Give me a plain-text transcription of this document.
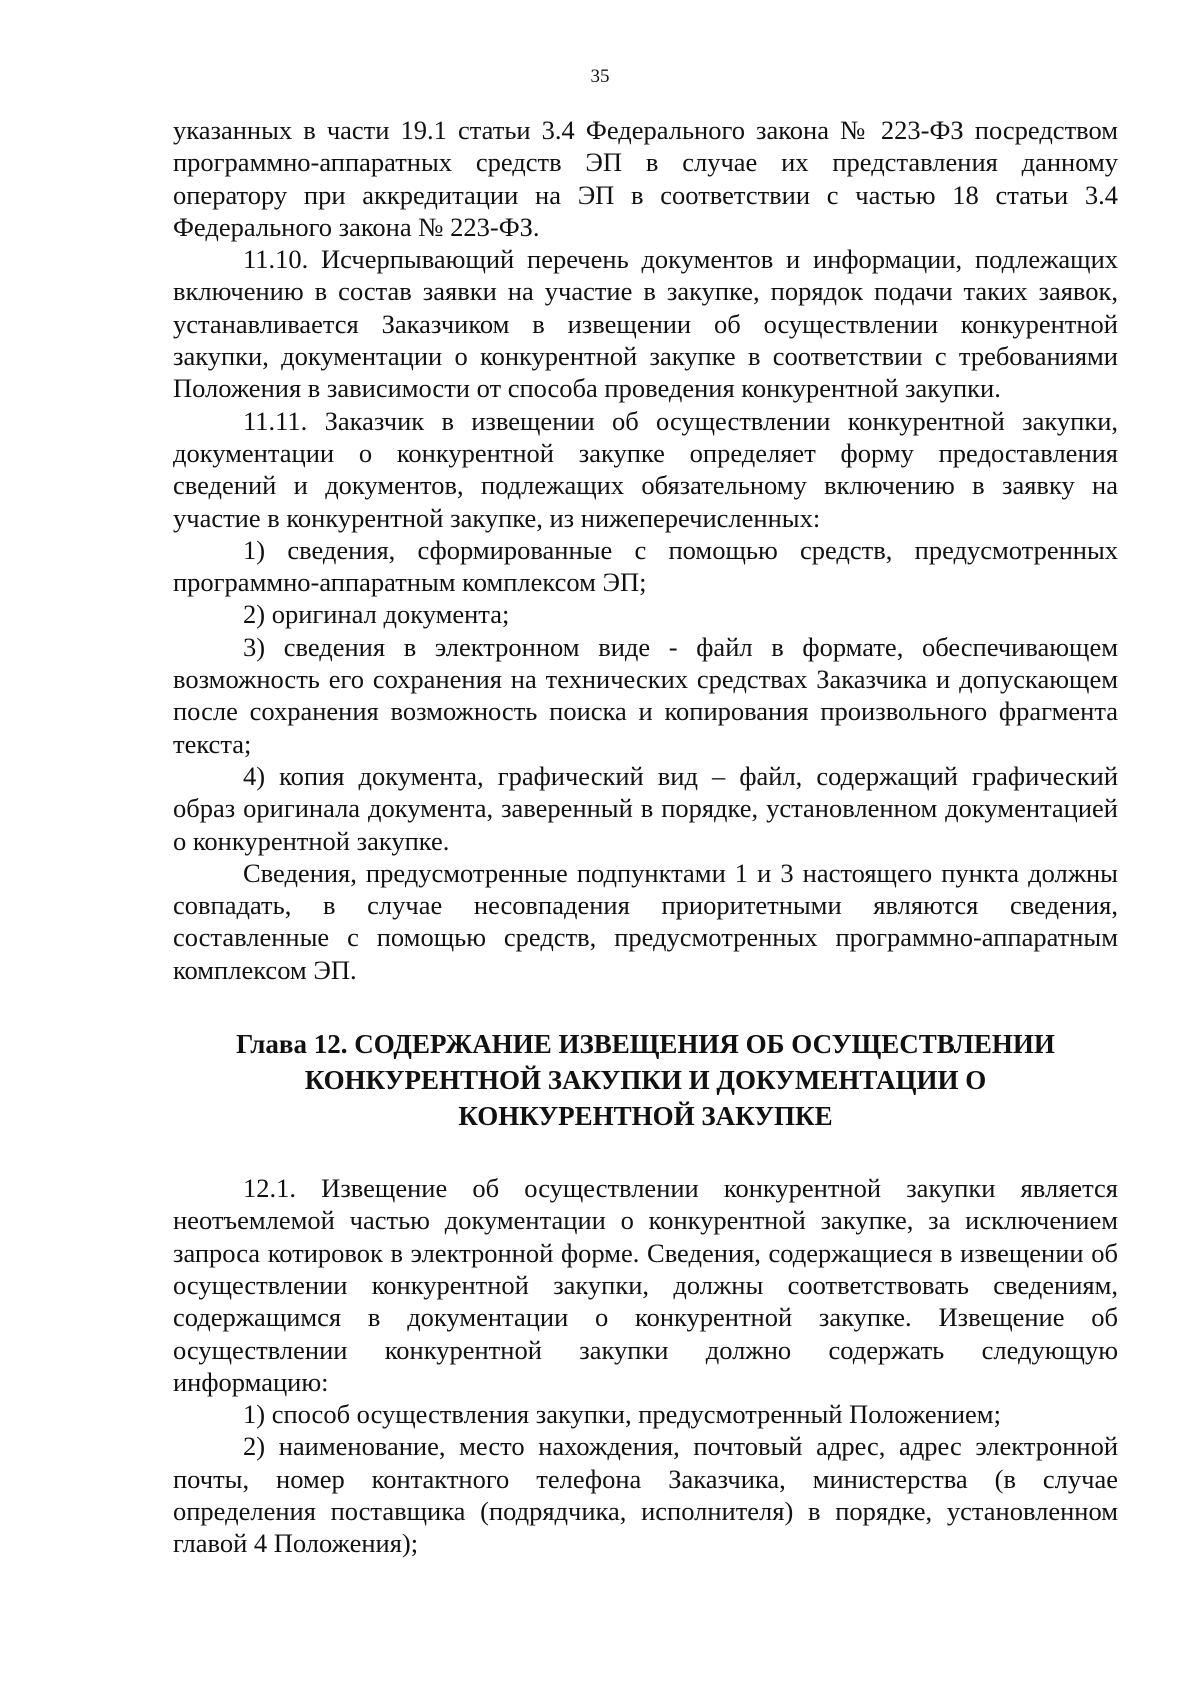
35

указанных в части 19.1 статьи 3.4 Федерального закона № 223-ФЗ посредством программно-аппаратных средств ЭП в случае их представления данному оператору при аккредитации на ЭП в соответствии с частью 18 статьи 3.4 Федерального закона № 223-ФЗ.

11.10. Исчерпывающий перечень документов и информации, подлежащих включению в состав заявки на участие в закупке, порядок подачи таких заявок, устанавливается Заказчиком в извещении об осуществлении конкурентной закупки, документации о конкурентной закупке в соответствии с требованиями Положения в зависимости от способа проведения конкурентной закупки.

11.11. Заказчик в извещении об осуществлении конкурентной закупки, документации о конкурентной закупке определяет форму предоставления сведений и документов, подлежащих обязательному включению в заявку на участие в конкурентной закупке, из нижеперечисленных:

1) сведения, сформированные с помощью средств, предусмотренных программно-аппаратным комплексом ЭП;

2) оригинал документа;

3) сведения в электронном виде - файл в формате, обеспечивающем возможность его сохранения на технических средствах Заказчика и допускающем после сохранения возможность поиска и копирования произвольного фрагмента текста;

4) копия документа, графический вид – файл, содержащий графический образ оригинала документа, заверенный в порядке, установленном документацией о конкурентной закупке.

Сведения, предусмотренные подпунктами 1 и 3 настоящего пункта должны совпадать, в случае несовпадения приоритетными являются сведения, составленные с помощью средств, предусмотренных программно-аппаратным комплексом ЭП.

Глава 12. СОДЕРЖАНИЕ ИЗВЕЩЕНИЯ ОБ ОСУЩЕСТВЛЕНИИ
КОНКУРЕНТНОЙ ЗАКУПКИ И ДОКУМЕНТАЦИИ О
КОНКУРЕНТНОЙ ЗАКУПКЕ

12.1. Извещение об осуществлении конкурентной закупки является неотъемлемой частью документации о конкурентной закупке, за исключением запроса котировок в электронной форме. Сведения, содержащиеся в извещении об осуществлении конкурентной закупки, должны соответствовать сведениям, содержащимся в документации о конкурентной закупке. Извещение об осуществлении конкурентной закупки должно содержать следующую информацию:

1) способ осуществления закупки, предусмотренный Положением;

2) наименование, место нахождения, почтовый адрес, адрес электронной почты, номер контактного телефона Заказчика, министерства (в случае определения поставщика (подрядчика, исполнителя) в порядке, установленном главой 4 Положения);
